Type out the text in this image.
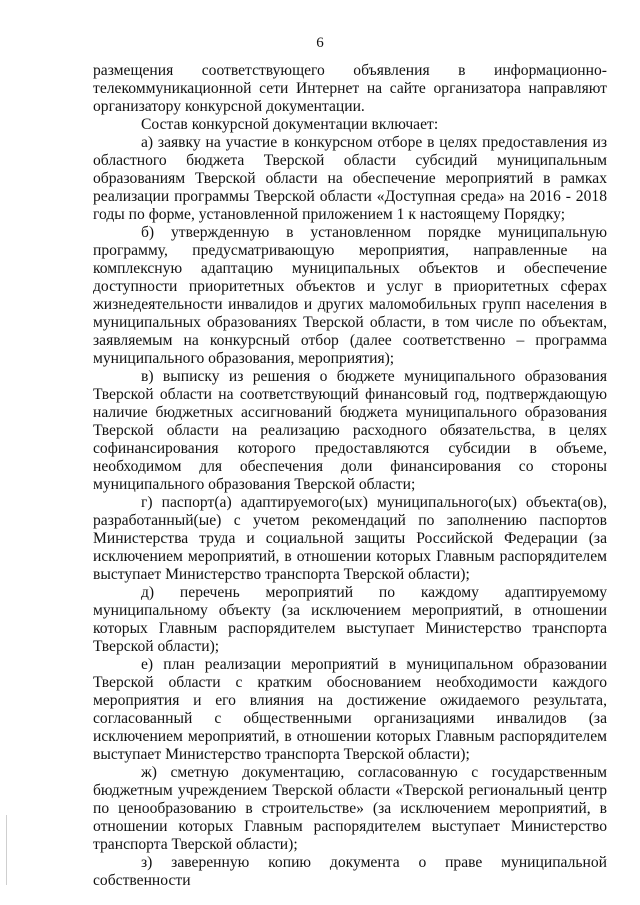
6

размещения соответствующего объявления в информационно-телекоммуникационной сети Интернет на сайте организатора направляют организатору конкурсной документации.

Состав конкурсной документации включает:

а) заявку на участие в конкурсном отборе в целях предоставления из областного бюджета Тверской области субсидий муниципальным образованиям Тверской области на обеспечение мероприятий в рамках реализации программы Тверской области «Доступная среда» на 2016 - 2018 годы по форме, установленной приложением 1 к настоящему Порядку;

б) утвержденную в установленном порядке муниципальную программу, предусматривающую мероприятия, направленные на комплексную адаптацию муниципальных объектов и обеспечение доступности приоритетных объектов и услуг в приоритетных сферах жизнедеятельности инвалидов и других маломобильных групп населения в муниципальных образованиях Тверской области, в том числе по объектам, заявляемым на конкурсный отбор (далее соответственно – программа муниципального образования, мероприятия);

в) выписку из решения о бюджете муниципального образования Тверской области на соответствующий финансовый год, подтверждающую наличие бюджетных ассигнований бюджета муниципального образования Тверской области на реализацию расходного обязательства, в целях софинансирования которого предоставляются субсидии в объеме, необходимом для обеспечения доли финансирования со стороны муниципального образования Тверской области;

г) паспорт(а) адаптируемого(ых) муниципального(ых) объекта(ов), разработанный(ые) с учетом рекомендаций по заполнению паспортов Министерства труда и социальной защиты Российской Федерации (за исключением мероприятий, в отношении которых Главным распорядителем выступает Министерство транспорта Тверской области);

д) перечень мероприятий по каждому адаптируемому муниципальному объекту (за исключением мероприятий, в отношении которых Главным распорядителем выступает Министерство транспорта Тверской области);

е) план реализации мероприятий в муниципальном образовании Тверской области с кратким обоснованием необходимости каждого мероприятия и его влияния на достижение ожидаемого результата, согласованный с общественными организациями инвалидов (за исключением мероприятий, в отношении которых Главным распорядителем выступает Министерство транспорта Тверской области);

ж) сметную документацию, согласованную с государственным бюджетным учреждением Тверской области «Тверской региональный центр по ценообразованию в строительстве» (за исключением мероприятий, в отношении которых Главным распорядителем выступает Министерство транспорта Тверской области);

з) заверенную копию документа о праве муниципальной собственности
